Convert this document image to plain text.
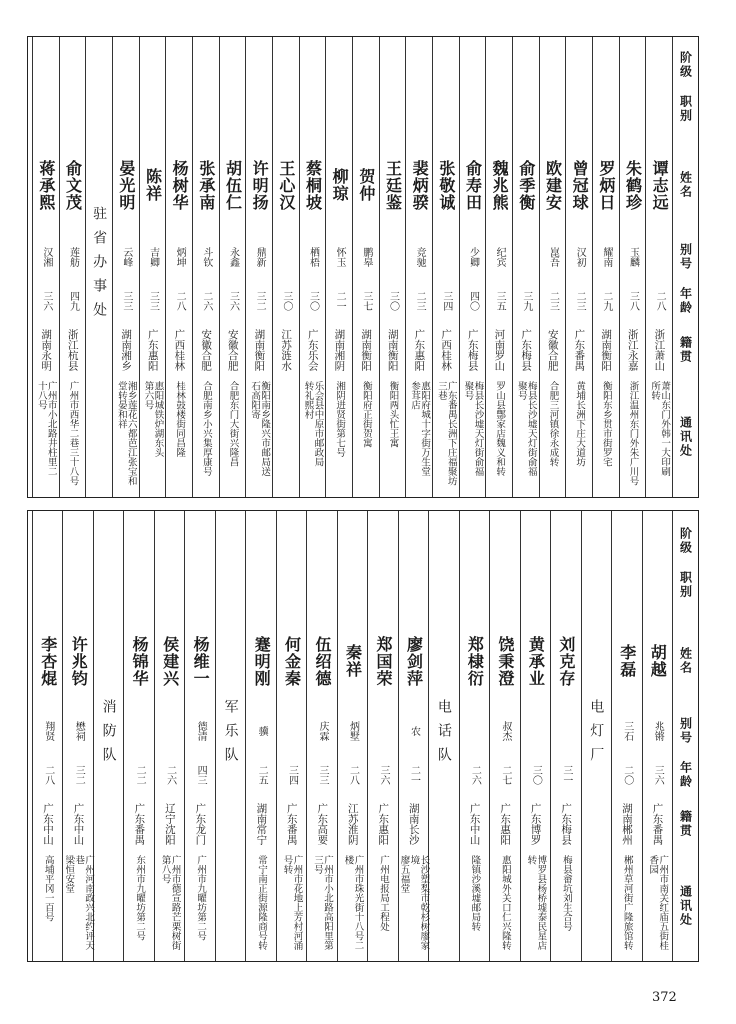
阶级 职别
姓名
别号
年龄
籍贯
通讯处
谭志远
二八
浙江萧山
萧山东门外韩一大印刷
所转
朱鹤珍
玉麟
三八
浙江永嘉
浙江温州东门外朱广川号
罗炳日
耀南
二九
湖南衡阳
衡阳东乡贯市街罗宅
曾冠球
汉初
二三
广东番禺
黄埔长洲下庄大道坊
欧建安
崑吾
二三
安徽合肥
合肥三河镇徐永成转
俞季衡
三九
广东梅县
梅县长沙墟天灯街俞福
聚号
魏兆熊
纪宾
三五
河南罗山
罗山县鄷家店魏义和转
俞寿田
少卿
四〇
广东梅县
梅县长沙墟天灯街俞福
聚号
张敬诚
三四
广西桂林
广东番禺长洲下庄福聚坊
三巷
裴炳骙
竞驰
二三
广东惠阳
惠阳府城十字街万生堂
参茸店
王廷鉴
三〇
湖南衡阳
衡阳两头忙王寓
贺仲
鹏皋
三七
湖南衡阳
衡阳府正街贺寓
柳琼
怀玉
二一
湖南湘阴
湘阴进贤街第七号
蔡桐坡
栖梧
三〇
广东乐会
乐会县中原市邮政局
转礼熙村
王心汉
三〇
江苏涟水
许明扬
鼎新
三二
湖南衡阳
衡阳南乡隆兴市邮局送
石高阳寄
胡伍仁
永鑫
三六
安徽合肥
合肥东门大街兴隆昌
张承南
斗钦
二六
安徽合肥
合肥南乡小兴集厚康号
杨树华
炳坤
二八
广西桂林
桂林鼓楼街同昌隆
陈祥
吉卿
三三
广东惠阳
惠阳城铁炉湖东头
第六号
晏光明
云峰
三三
湖南湘乡
湘乡莲花六都芭江张宝和
堂转晏和祥
驻省办事处
俞文茂
莲舫
四九
浙江杭县
广州市西华二巷三十八号
蒋承熙
汉湘
三六
湖南永明
广州市小北路井柱里二
十八号
阶级 职别
姓名
别号
年龄
籍贯
通讯处
胡越
兆锵
三六
广东番禺
广州市南关红庙五街桂
香园
李磊
三石
二〇
湖南郴州
郴州草河街广隆旅馆转
电灯厂
刘克存
三一
广东梅县
梅县畲坑刘生合号
黄承业
三〇
广东博罗
博罗县杨桥墟泰民星店转
饶秉澄
叔杰
二七
广东惠阳
惠阳城外关口仁兴隆转
郑棣衍
二六
广东中山
隆镇沙溪墟邮局转
电话队
廖剑萍
农
二一
湖南长沙
长沙塑梨市乾杉树廖家境
廖五福堂
郑国荣
三六
广东惠阳
广州电报局工程处
秦祥
炳墅
二八
江苏淮阴
广州市珠光街十八号二楼
伍绍德
庆霖
三三
广东高要
广州市小北路高阳里第
三号
何金秦
三四
广东番禺
广州市花地上芳村河涌
号转
蹇明刚
骥
二五
湖南常宁
常宁南正街源隆商号转
军乐队
杨维一
德清
四三
广东龙门
广州市九曜坊第二号
侯建兴
二六
辽宁沈阳
广州市德宣路芒栗树街
第八号
杨锦华
二二
广东番禺
东州市九曜坊第二号
消防队
许兆钧
懋祠
三二
广东中山
广州河南政兴北约评天巷
梁恒安堂
李杏焜
翔贤
二八
广东中山
高埔平冈一百号
372
